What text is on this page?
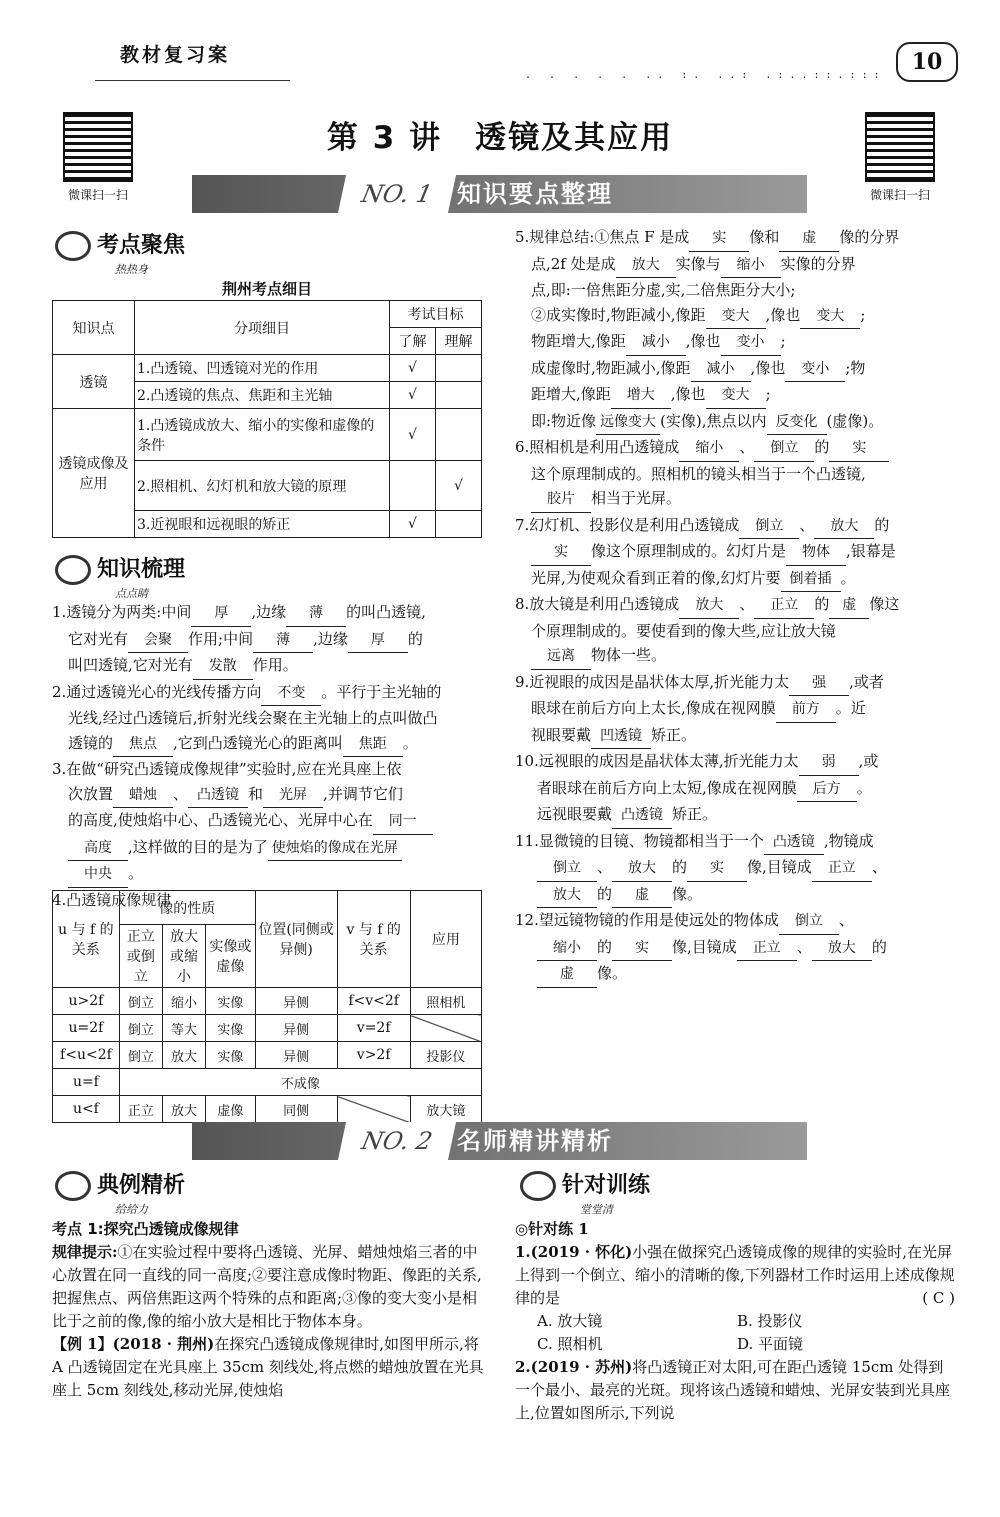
教材复习案
. . . . . .. :. ..: .:..::.:::
10
微课扫一扫	微课扫一扫
第 3 讲　透镜及其应用
NO. 1 知识要点整理
考点聚焦
热热身
荆州考点细目
知识点	分项细目	考试目标	
		了解	理解
透镜	1.凸透镜、凹透镜对光的作用	√	
	2.凸透镜的焦点、焦距和主光轴	√	
透镜成像及应用	1.凸透镜成放大、缩小的实像和虚像的条件	√	
	2.照相机、幻灯机和放大镜的原理		√
	3.近视眼和远视眼的矫正	√	
知识梳理
点点睛

1.透镜分为两类:中间 厚 ,边缘 薄 的叫凸透镜,

它对光有 会聚 作用;中间 薄 ,边缘 厚 的

叫凹透镜,它对光有 发散 作用。

2.通过透镜光心的光线传播方向 不变 。平行于主光轴的

光线,经过凸透镜后,折射光线会聚在主光轴上的点叫做凸

透镜的 焦点 ,它到凸透镜光心的距离叫 焦距 。

3.在做“研究凸透镜成像规律”实验时,应在光具座上依

次放置 蜡烛 、 凸透镜 和 光屏 ,并调节它们

的高度,使烛焰中心、凸透镜光心、光屏中心在 同一

高度 ,这样做的目的是为了 使烛焰的像成在光屏

中央 。

4.凸透镜成像规律

u 与 f 的关系	像的性质			位置(同侧或异侧)	v 与 f 的关系	应用
	正立或倒立	放大或缩小	实像或虚像			
u>2f	倒立	缩小	实像	异侧	f<v<2f	照相机
u=2f	倒立	等大	实像	异侧	v=2f	
f<u<2f	倒立	放大	实像	异侧	v>2f	投影仪
u=f	不成像					
u<f	正立	放大	虚像	同侧		放大镜

5.规律总结:①焦点 F 是成 实 像和 虚 像的分界

点,2f 处是成 放大 实像与 缩小 实像的分界

点,即:一倍焦距分虚,实,二倍焦距分大小;

②成实像时,物距减小,像距 变大 ,像也 变大 ;

物距增大,像距 减小 ,像也 变小 ;

成虚像时,物距减小,像距 减小 ,像也 变小 ;物

距增大,像距 增大 ,像也 变大 ;

即:物近像 远像变大 (实像),焦点以内 反变化 (虚像)。

6.照相机是利用凸透镜成 缩小 、 倒立 的 实

这个原理制成的。照相机的镜头相当于一个凸透镜,

胶片 相当于光屏。

7.幻灯机、投影仪是利用凸透镜成 倒立 、 放大 的

实 像这个原理制成的。幻灯片是 物体 ,银幕是

光屏,为使观众看到正着的像,幻灯片要 倒着插 。

8.放大镜是利用凸透镜成 放大 、 正立 的 虚 像这

个原理制成的。要使看到的像大些,应让放大镜

远离 物体一些。

9.近视眼的成因是晶状体太厚,折光能力太 强 ,或者

眼球在前后方向上太长,像成在视网膜 前方 。近

视眼要戴 凹透镜 矫正。

10.远视眼的成因是晶状体太薄,折光能力太 弱 ,或

者眼球在前后方向上太短,像成在视网膜 后方 。

远视眼要戴 凸透镜 矫正。

11.显微镜的目镜、物镜都相当于一个 凸透镜 ,物镜成

倒立 、 放大 的 实 像,目镜成 正立 、

放大 的 虚 像。

12.望远镜物镜的作用是使远处的物体成 倒立 、

缩小 的 实 像,目镜成 正立 、 放大 的

虚 像。

NO. 2 名师精讲精析
典例精析
给给力

考点 1:探究凸透镜成像规律

规律提示:①在实验过程中要将凸透镜、光屏、蜡烛烛焰三者的中心放置在同一直线的同一高度;②要注意成像时物距、像距的关系,把握焦点、两倍焦距这两个特殊的点和距离;③像的变大变小是相比于之前的像,像的缩小放大是相比于物体本身。

【例 1】(2018 · 荆州)在探究凸透镜成像规律时,如图甲所示,将 A 凸透镜固定在光具座上 35cm 刻线处,将点燃的蜡烛放置在光具座上 5cm 刻线处,移动光屏,使烛焰

针对训练
堂堂清

◎针对练 1

1.(2019 · 怀化)小强在做探究凸透镜成像的规律的实验时,在光屏上得到一个倒立、缩小的清晰的像,下列器材工作时运用上述成像规律的是	( C )

A. 放大镜	B. 投影仪
C. 照相机	D. 平面镜

2.(2019 · 苏州)将凸透镜正对太阳,可在距凸透镜 15cm 处得到一个最小、最亮的光斑。现将该凸透镜和蜡烛、光屏安装到光具座上,位置如图所示,下列说
